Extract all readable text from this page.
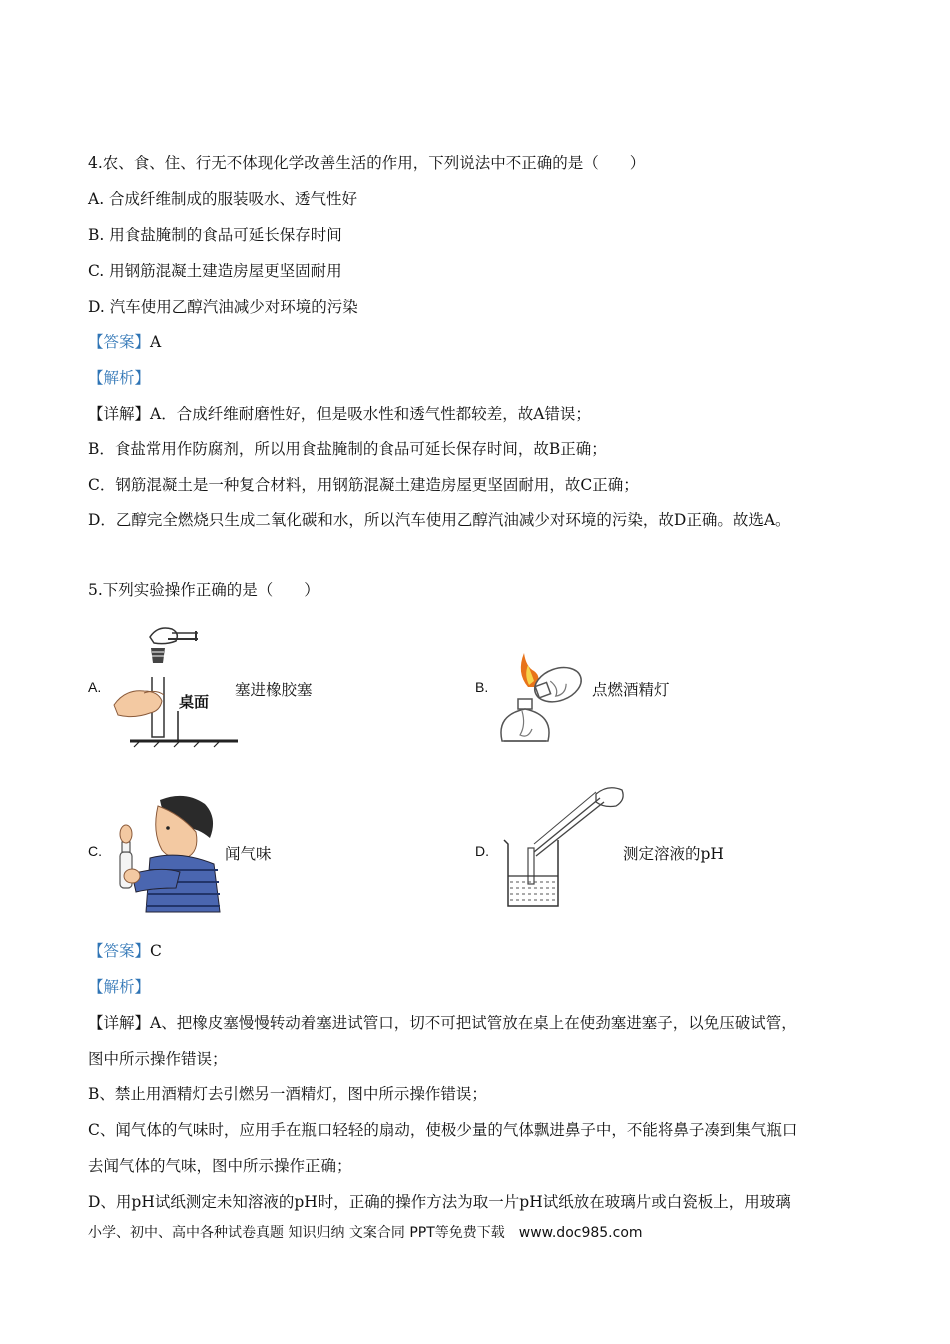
4.农、食、住、行无不体现化学改善生活的作用，下列说法中不正确的是（　　）
A. 合成纤维制成的服装吸水、透气性好
B. 用食盐腌制的食品可延长保存时间
C. 用钢筋混凝土建造房屋更坚固耐用
D. 汽车使用乙醇汽油减少对环境的污染
【答案】A
【解析】
【详解】A．合成纤维耐磨性好，但是吸水性和透气性都较差，故A错误；
B．食盐常用作防腐剂，所以用食盐腌制的食品可延长保存时间，故B正确；
C．钢筋混凝土是一种复合材料，用钢筋混凝土建造房屋更坚固耐用，故C正确；
D．乙醇完全燃烧只生成二氧化碳和水，所以汽车使用乙醇汽油减少对环境的污染，故D正确。故选A。
5.下列实验操作正确的是（　　）
A.
桌面
塞进橡胶塞	B.	点燃酒精灯
C.	闻气味	D.	测定溶液的pH
【答案】C
【解析】
【详解】A、把橡皮塞慢慢转动着塞进试管口，切不可把试管放在桌上在使劲塞进塞子，以免压破试管，
图中所示操作错误；
B、禁止用酒精灯去引燃另一酒精灯，图中所示操作错误；
C、闻气体的气味时，应用手在瓶口轻轻的扇动，使极少量的气体飘进鼻子中，不能将鼻子凑到集气瓶口
去闻气体的气味，图中所示操作正确；
D、用pH试纸测定未知溶液的pH时，正确的操作方法为取一片pH试纸放在玻璃片或白瓷板上，用玻璃
小学、初中、高中各种试卷真题 知识归纳 文案合同 PPT等免费下载　www.doc985.com
